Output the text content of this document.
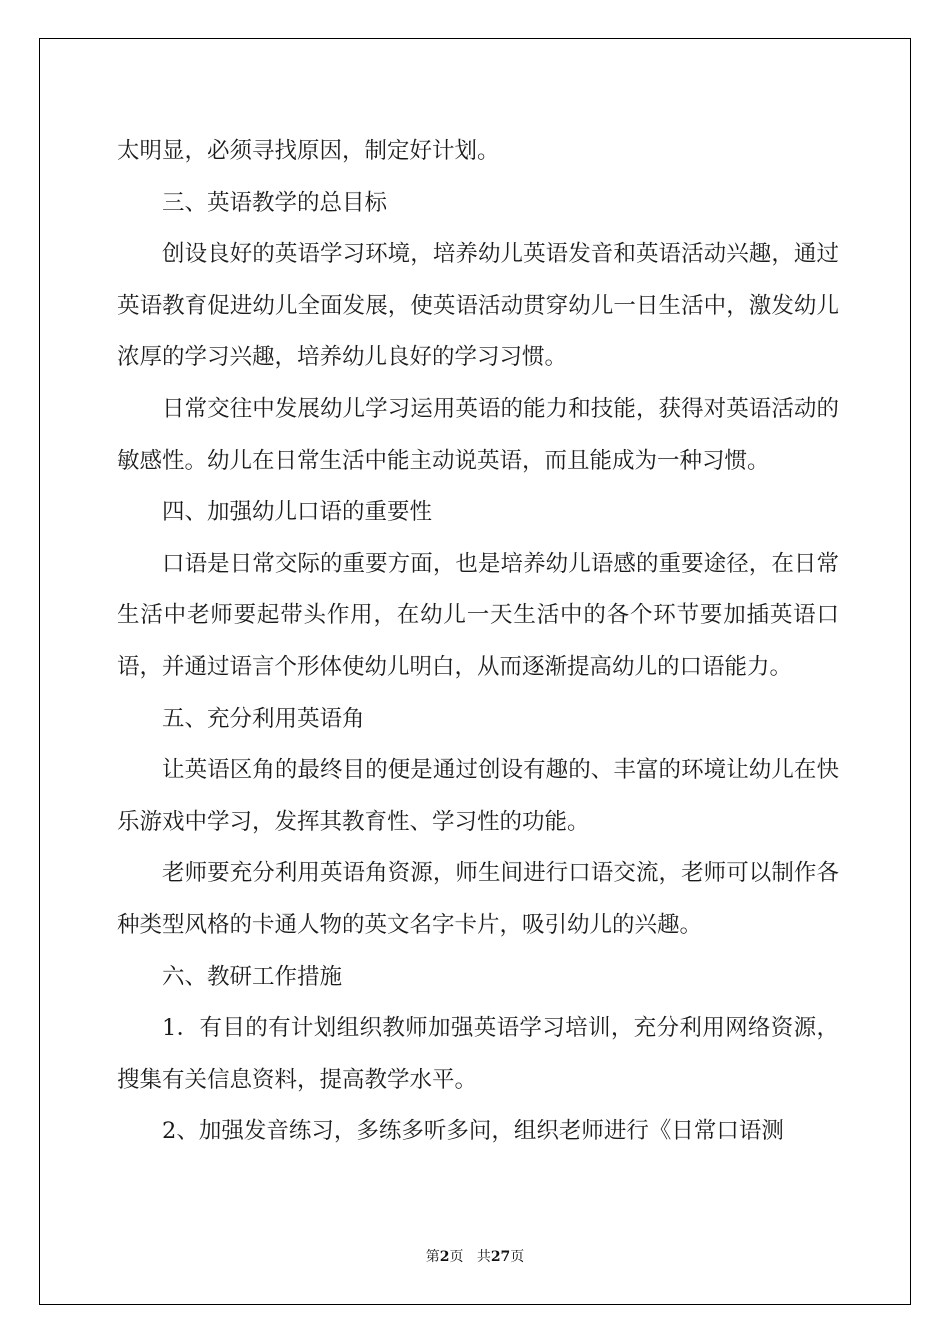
太明显，必须寻找原因，制定好计划。

三、英语教学的总目标

创设良好的英语学习环境，培养幼儿英语发音和英语活动兴趣，通过英语教育促进幼儿全面发展，使英语活动贯穿幼儿一日生活中，激发幼儿浓厚的学习兴趣，培养幼儿良好的学习习惯。

日常交往中发展幼儿学习运用英语的能力和技能，获得对英语活动的敏感性。幼儿在日常生活中能主动说英语，而且能成为一种习惯。

四、加强幼儿口语的重要性

口语是日常交际的重要方面，也是培养幼儿语感的重要途径，在日常生活中老师要起带头作用，在幼儿一天生活中的各个环节要加插英语口语，并通过语言个形体使幼儿明白，从而逐渐提高幼儿的口语能力。

五、充分利用英语角

让英语区角的最终目的便是通过创设有趣的、丰富的环境让幼儿在快乐游戏中学习，发挥其教育性、学习性的功能。

老师要充分利用英语角资源，师生间进行口语交流，老师可以制作各种类型风格的卡通人物的英文名字卡片，吸引幼儿的兴趣。

六、教研工作措施

1．有目的有计划组织教师加强英语学习培训，充分利用网络资源，搜集有关信息资料，提高教学水平。

2、加强发音练习，多练多听多问，组织老师进行《日常口语测

第2页 共27页
